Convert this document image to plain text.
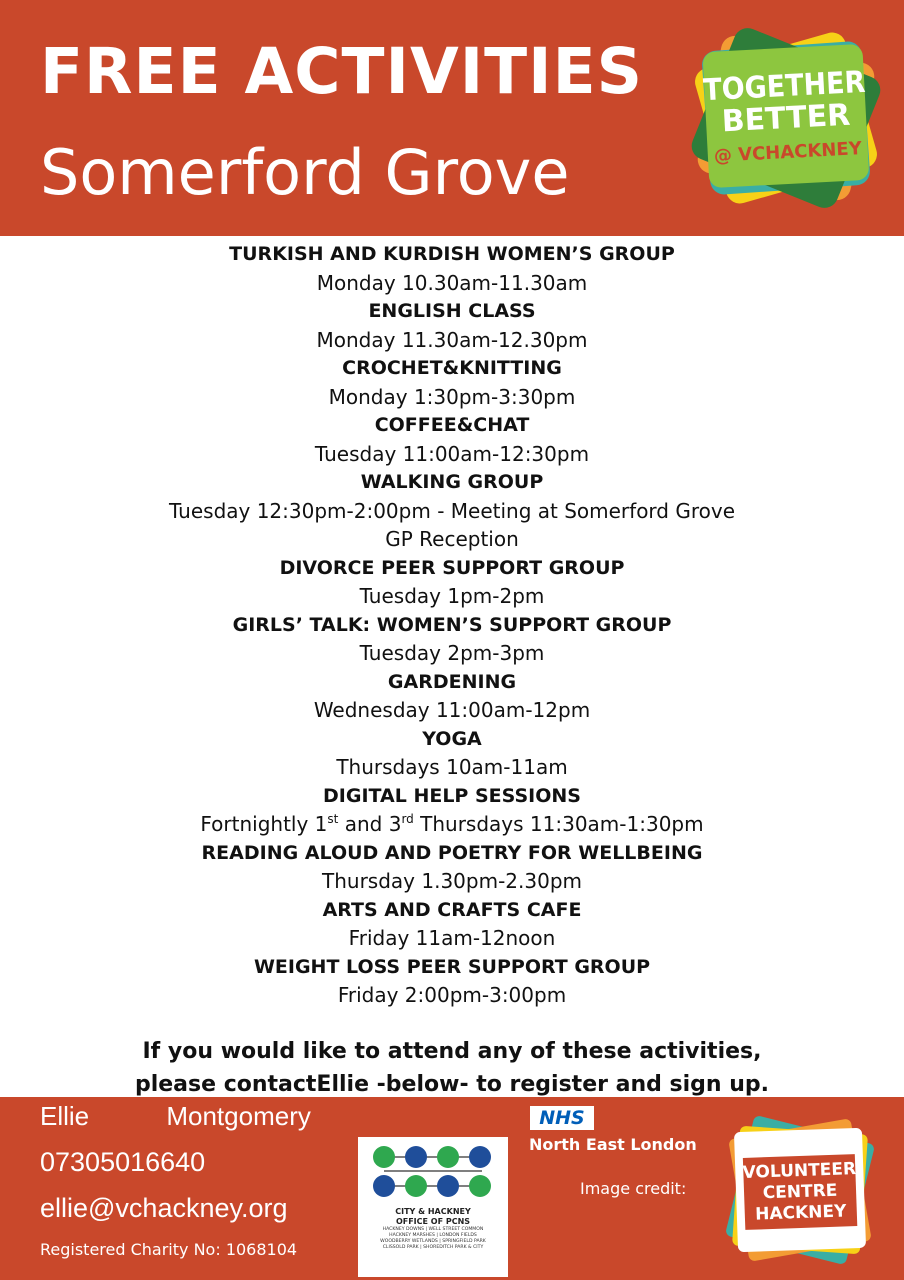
FREE ACTIVITIES
Somerford Grove
TOGETHER
BETTER
@ VCHACKNEY
TURKISH AND KURDISH WOMEN’S GROUP
Monday 10.30am-11.30am
ENGLISH CLASS
Monday 11.30am-12.30pm
CROCHET&KNITTING
Monday 1:30pm-3:30pm
COFFEE&CHAT
Tuesday 11:00am-12:30pm
WALKING GROUP
Tuesday 12:30pm-2:00pm - Meeting at Somerford Grove
GP Reception
DIVORCE PEER SUPPORT GROUP
Tuesday 1pm-2pm
GIRLS’ TALK: WOMEN’S SUPPORT GROUP
Tuesday 2pm-3pm
GARDENING
Wednesday 11:00am-12pm
YOGA
Thursdays 10am-11am
DIGITAL HELP SESSIONS
Fortnightly 1st and 3rd Thursdays 11:30am-1:30pm
READING ALOUD AND POETRY FOR WELLBEING
Thursday 1.30pm-2.30pm
ARTS AND CRAFTS CAFE
Friday 11am-12noon
WEIGHT LOSS PEER SUPPORT GROUP
Friday 2:00pm-3:00pm
If you would like to attend any of these activities,
please contactEllie -below- to register and sign up.
Ellie Montgomery
07305016640
ellie@vchackney.org
Registered Charity No: 1068104
CITY & HACKNEY
OFFICE OF PCNS
HACKNEY DOWNS | WELL STREET COMMON
HACKNEY MARSHES | LONDON FIELDS
WOODBERRY WETLANDS | SPRINGFIELD PARK
CLISSOLD PARK | SHOREDITCH PARK & CITY
NHS
North East London
Image credit:
VOLUNTEER
CENTRE
HACKNEY
